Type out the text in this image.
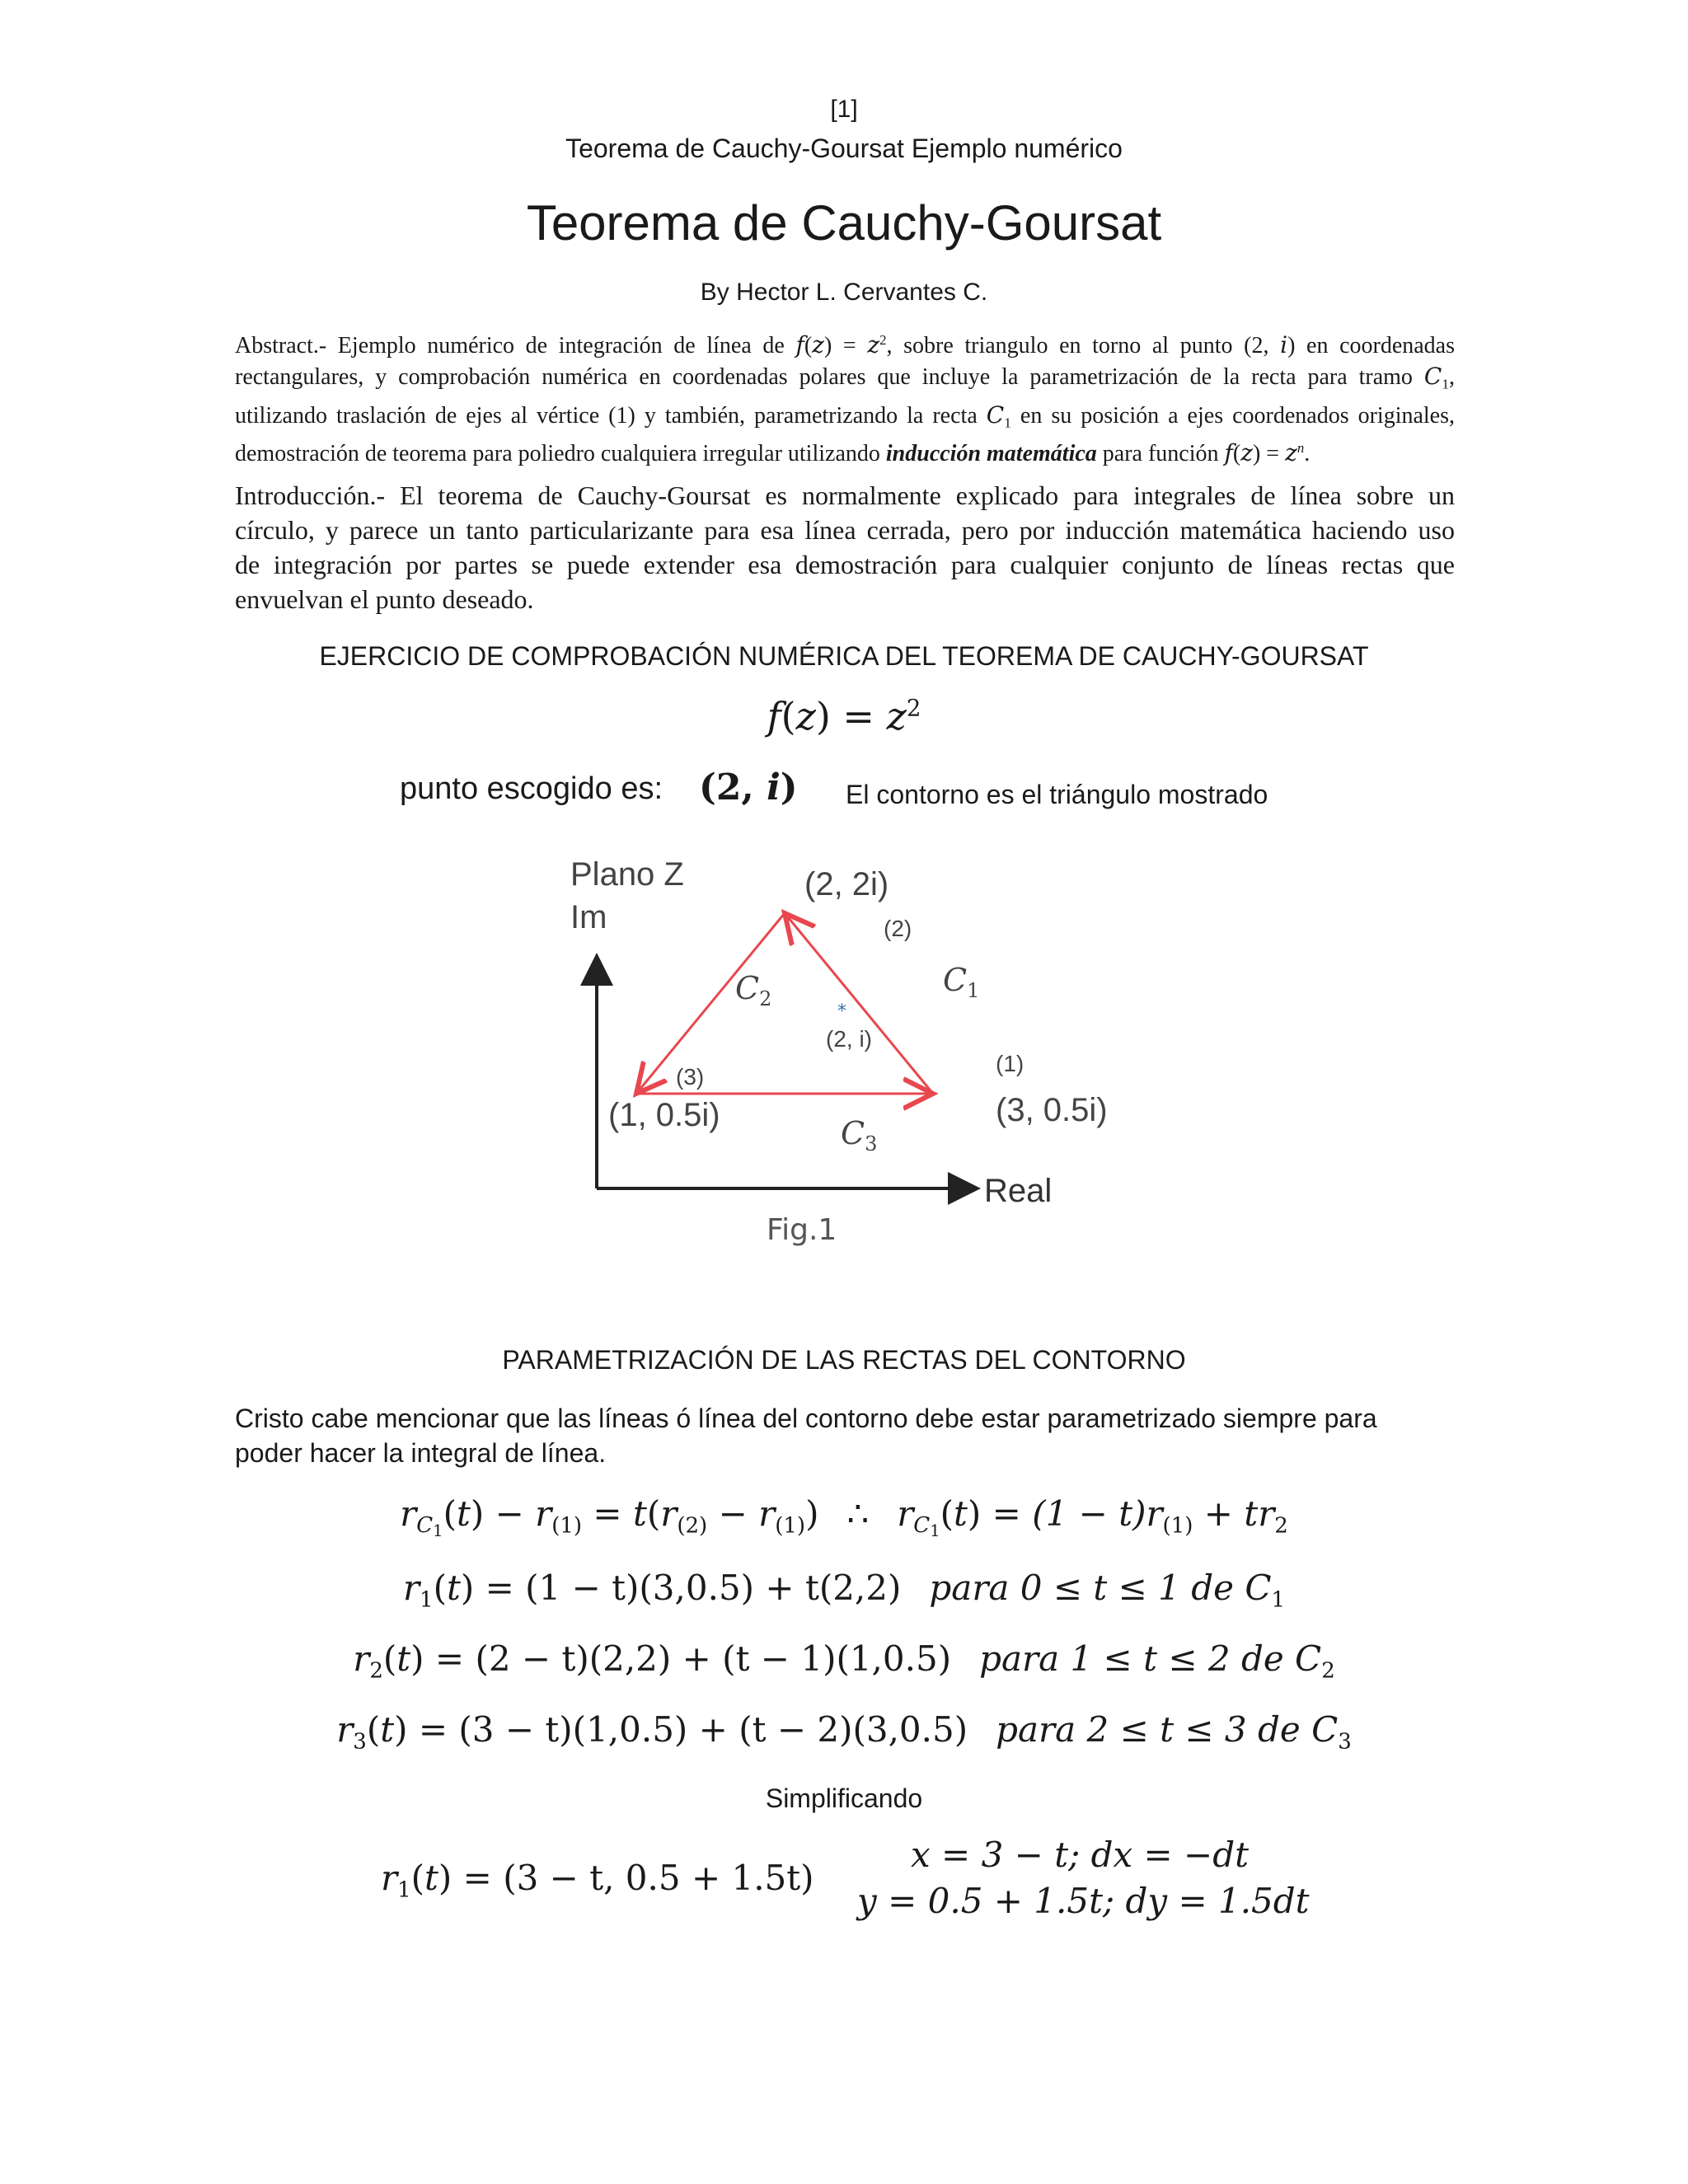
[1]
Teorema de Cauchy-Goursat Ejemplo numérico
Teorema de Cauchy-Goursat
By Hector L. Cervantes C.
Abstract.- Ejemplo numérico de integración de línea de $f(z) = z^2$, sobre triangulo en torno al punto (2, i) en coordenadas
rectangulares, y comprobación numérica en coordenadas polares que incluye la parametrización de la recta para tramo $C_1$,
utilizando traslación de ejes al vértice (1) y también, parametrizando la recta $C_1$ en su posición a ejes coordenados originales,
demostración de teorema para poliedro cualquiera irregular utilizando inducción matemática para función $f(z) = z^n$.
Introducción.- El teorema de Cauchy-Goursat es normalmente explicado para integrales de línea sobre un
círculo, y parece un tanto particularizante para esa línea cerrada, pero por inducción matemática haciendo uso
de integración por partes se puede extender esa demostración para cualquier conjunto de líneas rectas que
envuelvan el punto deseado.
EJERCICIO DE COMPROBACIÓN NUMÉRICA DEL TEOREMA DE CAUCHY-GOURSAT
$f(z) = z^2$
punto escogido es: (2, i) El contorno es el triángulo mostrado
*
(2, i)
Plano Z
Im
Real
Fig.1
(2, 2i)
(2)
(3, 0.5i)
(1)
(1, 0.5i)
(3)
$C_2$
$C_1$
$C_3$
PARAMETRIZACIÓN DE LAS RECTAS DEL CONTORNO
Cristo cabe mencionar que las líneas ó línea del contorno debe estar parametrizado siempre para
poder hacer la integral de línea.
$r_{C1}(t) - r_{(1)} = t(r_{(2)} - r_{(1)})$ ∴ $r_{C1}(t) = (1 - t)r_{(1)} + tr_2$
$r_1(t) = (1 - t)(3,0.5) + t(2,2)$ para 0 ≤ t ≤ 1 de $C_1$
$r_2(t) = (2 - t)(2,2) + (t - 1)(1,0.5)$ para 1 ≤ t ≤ 2 de $C_2$
$r_3(t) = (3 - t)(1,0.5) + (t - 2)(3,0.5)$ para 2 ≤ t ≤ 3 de $C_3$
Simplificando
$r_1(t) = (3 - t$, 0.5 + 1.5t)
x = 3 − t; dx = −dt
y = 0.5 + 1.5t; dy = 1.5dt
